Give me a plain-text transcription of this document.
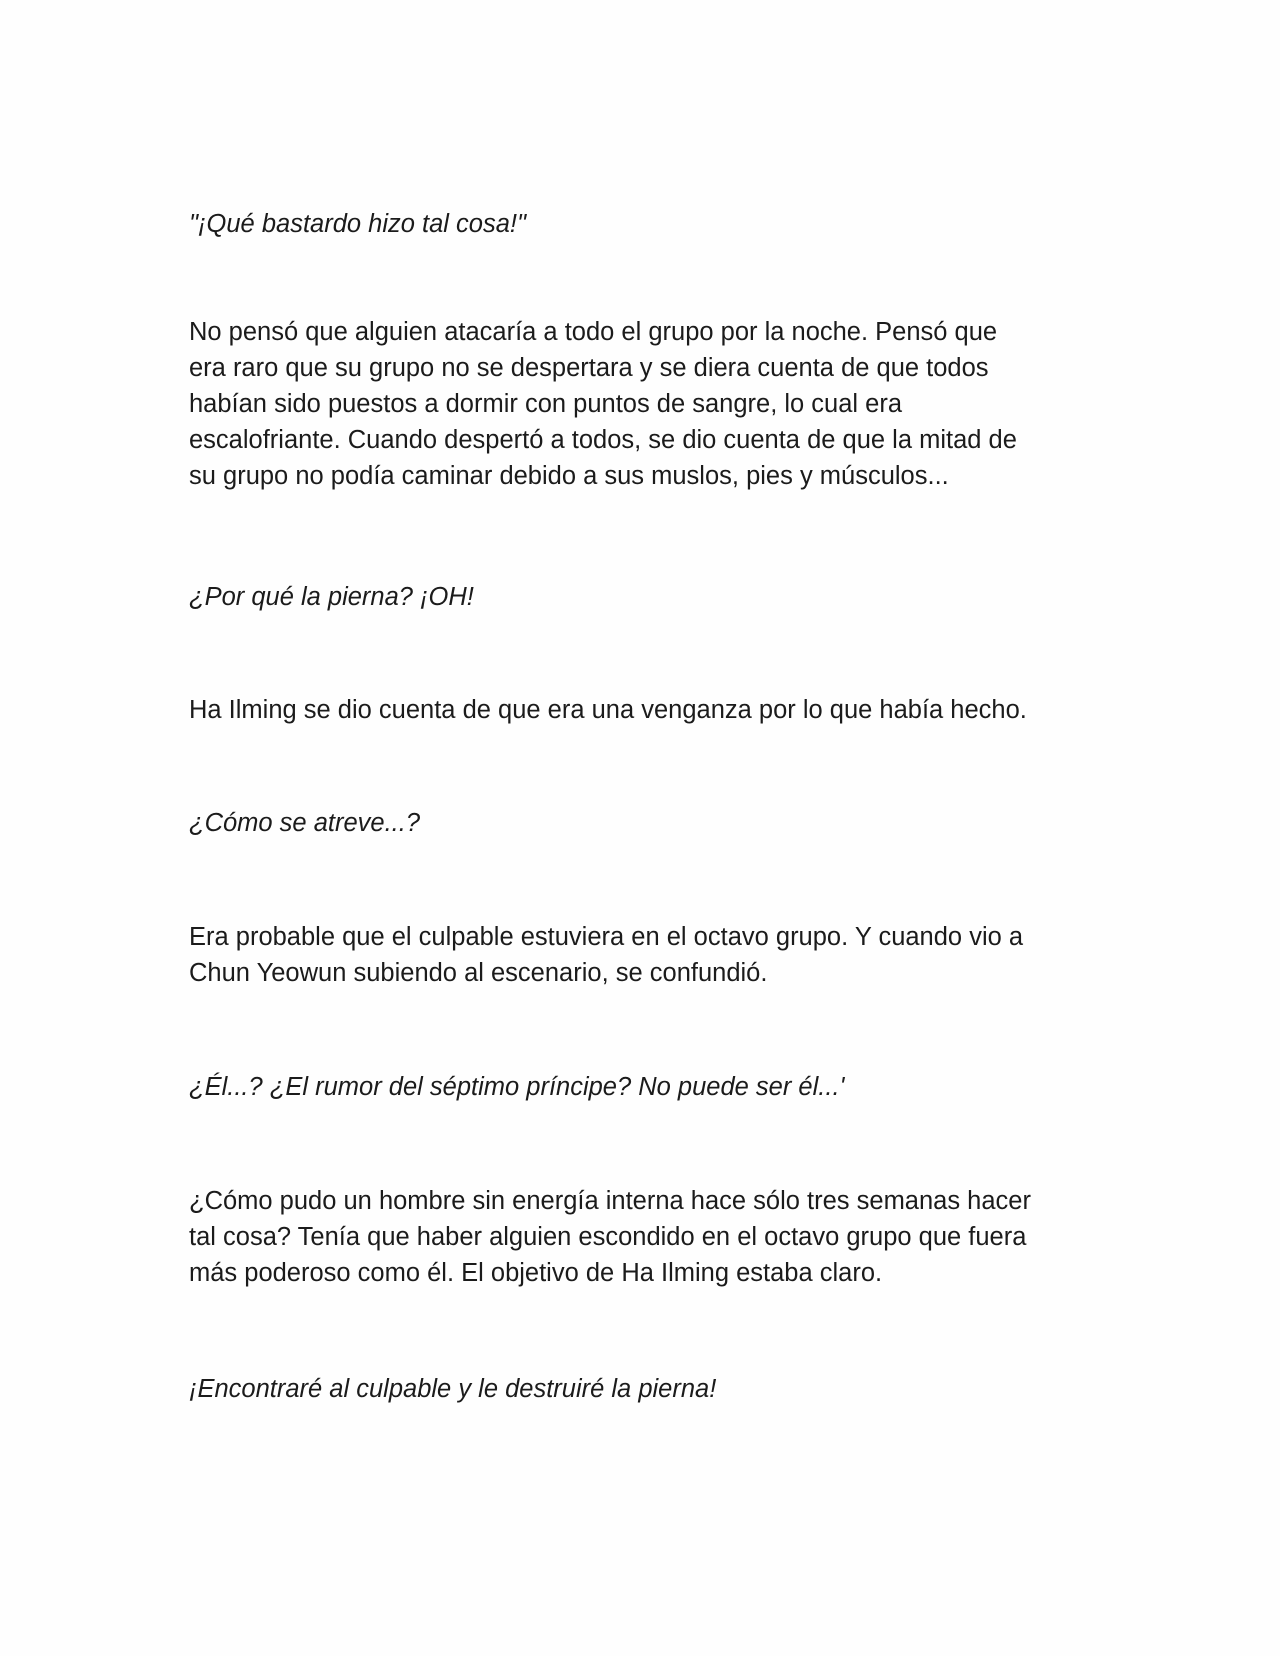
"¡Qué bastardo hizo tal cosa!"

No pensó que alguien atacaría a todo el grupo por la noche. Pensó que
era raro que su grupo no se despertara y se diera cuenta de que todos
habían sido puestos a dormir con puntos de sangre, lo cual era
escalofriante. Cuando despertó a todos, se dio cuenta de que la mitad de
su grupo no podía caminar debido a sus muslos, pies y músculos...

¿Por qué la pierna? ¡OH!

Ha Ilming se dio cuenta de que era una venganza por lo que había hecho.

¿Cómo se atreve...?

Era probable que el culpable estuviera en el octavo grupo. Y cuando vio a
Chun Yeowun subiendo al escenario, se confundió.

¿Él...? ¿El rumor del séptimo príncipe? No puede ser él...'

¿Cómo pudo un hombre sin energía interna hace sólo tres semanas hacer
tal cosa? Tenía que haber alguien escondido en el octavo grupo que fuera
más poderoso como él. El objetivo de Ha Ilming estaba claro.

¡Encontraré al culpable y le destruiré la pierna!
